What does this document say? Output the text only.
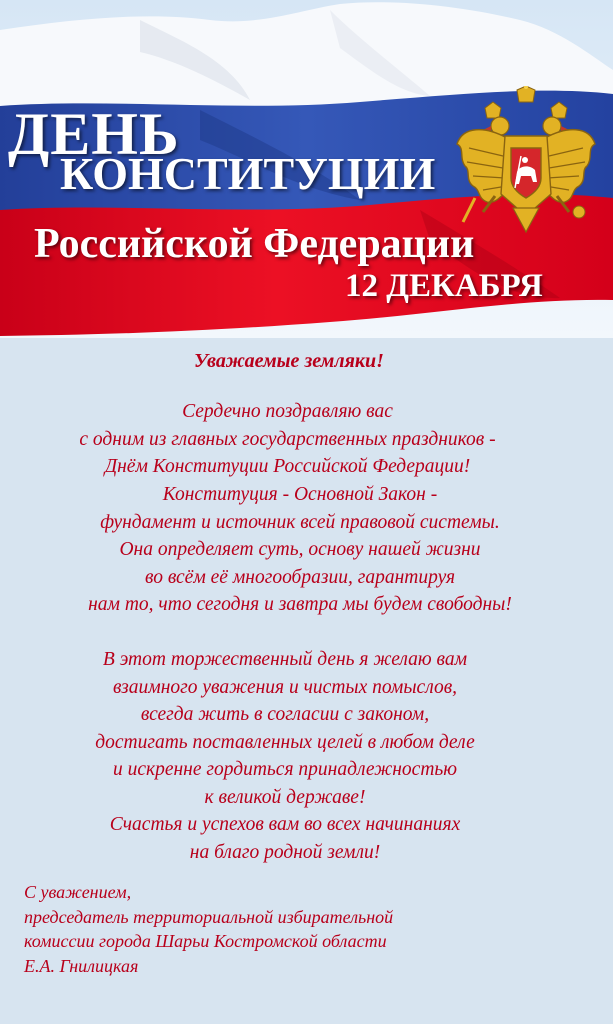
ДЕНЬ
КОНСТИТУЦИИ
Российской Федерации
12 ДЕКАБРЯ

Уважаемые земляки!

Сердечно поздравляю вас
с одним из главных государственных праздников -
Днём Конституции Российской Федерации!

Конституция - Основной Закон -
фундамент и источник всей правовой системы.
Она определяет суть, основу нашей жизни
во всём её многообразии, гарантируя
нам то, что сегодня и завтра мы будем свободны!

В этот торжественный день я желаю вам
взаимного уважения и чистых помыслов,
всегда жить в согласии с законом,
достигать поставленных целей в любом деле
и искренне гордиться принадлежностью
к великой державе!
Счастья и успехов вам во всех начинаниях
на благо родной земли!

С уважением,
председатель территориальной избирательной
комиссии города Шарьи Костромской области
Е.А. Гнилицкая
